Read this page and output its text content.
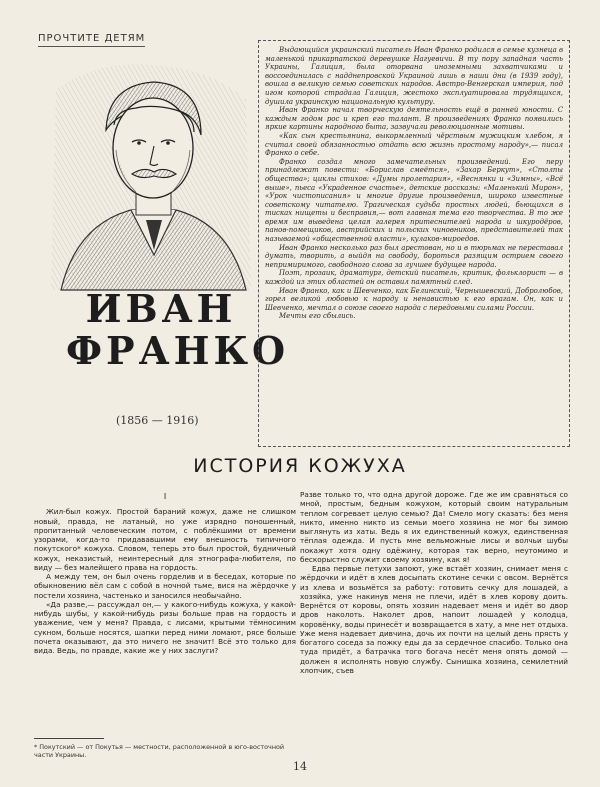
ПРОЧТИТЕ ДЕТЯМ
ИВАН
ФРАНКО
(1856 — 1916)

Выдающийся украинский писатель Иван Франко родился в семье кузнеца в маленькой прикарпатской деревушке Нагуевичи. В ту пору западная часть Украины, Галиция, была оторвана иноземными захватчиками и воссоединилась с надднепровской Украиной лишь в наши дни (в 1939 году), вошла в великую семью советских народов. Австро-Венгерская империя, под игом которой страдала Галиция, жестоко эксплуатировала трудящихся, душила украинскую национальную культуру.

Иван Франко начал творческую деятельность ещё в ранней юности. С каждым годом рос и креп его талант. В произведениях Франко появились яркие картины народного быта, зазвучали революционные мотивы.

«Как сын крестьянина, выкормленный чёрствым мужицким хлебом, я считал своей обязанностью отдать всю жизнь простому народу»,— писал Франко о себе.

Франко создал много замечательных произведений. Его перу принадлежат повести: «Борислав смеётся», «Захар Беркут», «Столпы общества»; циклы стихов: «Думы пролетария», «Веснянки и «Зимны», «Всё выше», пьеса «Украденное счастье», детские рассказы: «Маленький Мирон», «Урок чистописания» и многие другие произведения, широко известные советскому читателю. Трагическая судьба простых людей, бьющихся в тисках нищеты и бесправия,— вот главная тема его творчества. В то же время им выведена целая галерея притеснителей народа и шкуродёров, панов-помещиков, австрийских и польских чиновников, представителей так называемой «общественной власти», кулаков-мироедов.

Иван Франко несколько раз был арестован, но и в тюрьмах не переставал думать, творить, а выйдя на свободу, бороться разящим острием своего непримиримого, свободного слова за лучшее будущее народа.

Поэт, прозаик, драматург, детский писатель, критик, фольклорист — в каждой из этих областей он оставил памятный след.

Иван Франко, как и Шевченко, как Белинский, Чернышевский, Добролюбов, горел великой любовью к народу и ненавистью к его врагам. Он, как и Шевченко, мечтал о союзе своего народа с передовыми силами России.

Мечты его сбылись.

ИСТОРИЯ КОЖУХА
I

Жил-был кожух. Простой бараний кожух, даже не слишком новый, правда, не латаный, но уже изрядно поношенный, пропитанный человеческим потом, с поблёкшими от времени узорами, когда-то придававшими ему внешность типичного покутского* кожуха. Словом, теперь это был простой, будничный кожух, неказистый, неинтересный для этнографа-любителя, по виду — без малейшего права на гордость.

А между тем, он был очень горделив и в беседах, которые по обыкновению вёл сам с собой в ночной тьме, вися на жёрдочке у постели хозяина, частенько и заносился необычайно.

«Да разве,— рассуждал он,— у какого-нибудь кожуха, у какой-нибудь шубы, у какой-нибудь ризы больше прав на гордость и уважение, чем у меня? Правда, с лисами, крытыми тёмносиним сукном, больше носятся, шапки перед ними ломают, рясе больше почета оказывают, да это ничего не значит! Всё это только для вида. Ведь, по правде, какие же у них заслуги?

Разве только то, что одна другой дороже. Где же им сравняться со мной, простым, бедным кожухом, который своим натуральным теплом согревает целую семью? Да! Смело могу сказать: без меня никто, именно никто из семьи моего хозяина не мог бы зимою выглянуть из хаты. Ведь я их единственный кожух, единственная тёплая одежда. И пусть мне вельможные лисы и волчьи шубы покажут хотя одну одёжину, которая так верно, неутомимо и бескорыстно служит своему хозяину, как я!

Едва первые петухи запоют, уже встаёт хозяин, снимает меня с жёрдочки и идёт в хлев досыпать скотине сечки с овсом. Вернётся из хлева и возьмётся за работу: готовить сечку для лошадей, а хозяйка, уже накинув меня не плечи, идёт в хлев корову доить. Вернётся от коровы, опять хозяин надевает меня и идёт во двор дров наколоть. Наколет дров, напоит лошадей у колодца, коровёнку, воды принесёт и возвращается в хату, а мне нет отдыха. Уже меня надевает дивчина, дочь их почти на целый день прясть у богатого соседа за пожку еды да за сердечное спасибо. Только она туда придёт, а батрачка того богача несёт меня опять домой — должен я исполнять новую службу. Сынишка хозяина, семилетний хлопчик, съев

* Покутский — от Покутья — местности, расположенной в юго-восточной части Украины.
14
